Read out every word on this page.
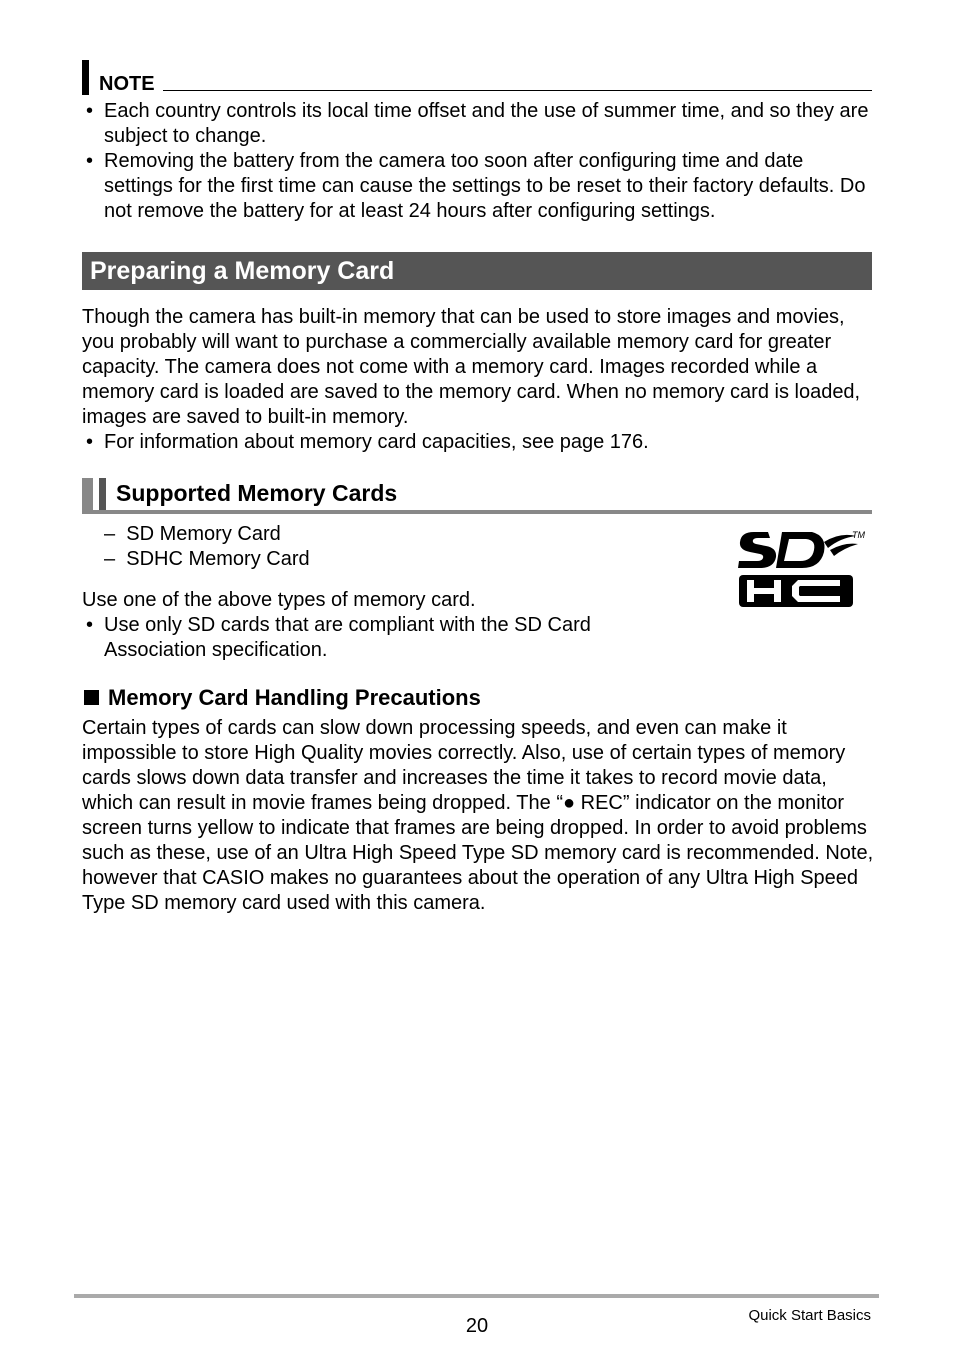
NOTE
• Each country controls its local time offset and the use of summer time, and so they are subject to change.
• Removing the battery from the camera too soon after configuring time and date settings for the first time can cause the settings to be reset to their factory defaults. Do not remove the battery for at least 24 hours after configuring settings.
Preparing a Memory Card
Though the camera has built-in memory that can be used to store images and movies, you probably will want to purchase a commercially available memory card for greater capacity. The camera does not come with a memory card. Images recorded while a memory card is loaded are saved to the memory card. When no memory card is loaded, images are saved to built-in memory.
• For information about memory card capacities, see page 176.
Supported Memory Cards
–  SD Memory Card
–  SDHC Memory Card
Use one of the above types of memory card.
• Use only SD cards that are compliant with the SD Card Association specification.
TM
Memory Card Handling Precautions
Certain types of cards can slow down processing speeds, and even can make it impossible to store High Quality movies correctly. Also, use of certain types of memory cards slows down data transfer and increases the time it takes to record movie data, which can result in movie frames being dropped. The “● REC” indicator on the monitor screen turns yellow to indicate that frames are being dropped. In order to avoid problems such as these, use of an Ultra High Speed Type SD memory card is recommended. Note, however that CASIO makes no guarantees about the operation of any Ultra High Speed Type SD memory card used with this camera.
20	Quick Start Basics
